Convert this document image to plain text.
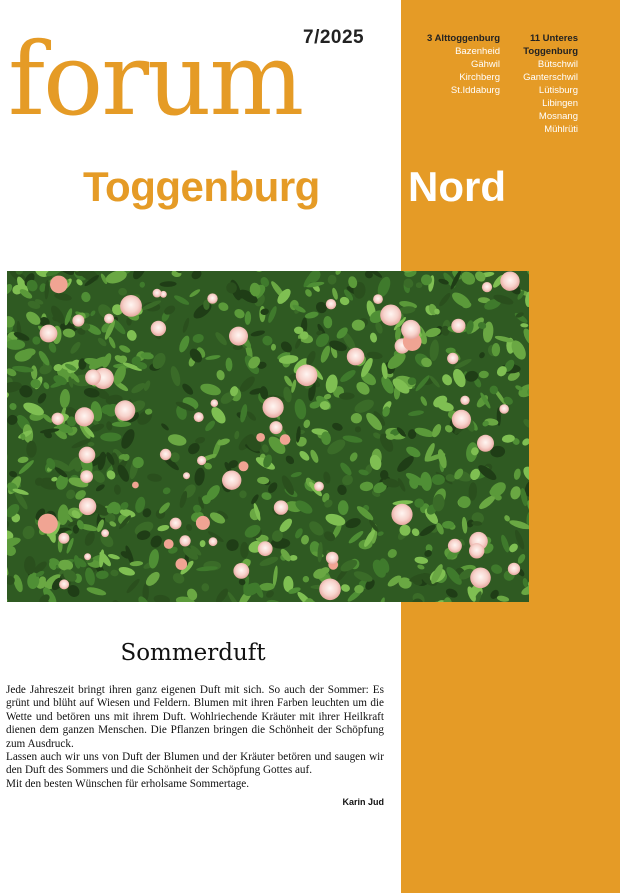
7/2025
forum
Toggenburg Nord
3 Alttoggenburg
Bazenheid
Gähwil
Kirchberg
St.Iddaburg
11 Unteres
Toggenburg
Bütschwil
Ganterschwil
Lütisburg
Libingen
Mosnang
Mühlrüti
Sommerduft

Jede Jahreszeit bringt ihren ganz eigenen Duft mit sich. So auch der Sommer: Es grünt und blüht auf Wiesen und Feldern. Blumen mit ihren Farben leuchten um die Wette und betören uns mit ihrem Duft. Wohlriechende Kräuter mit ihrer Heilkraft dienen dem ganzen Menschen. Die Pflanzen bringen die Schönheit der Schöpfung zum Ausdruck.

Lassen auch wir uns von Duft der Blumen und der Kräuter betören und saugen wir den Duft des Sommers und die Schönheit der Schöpfung Gottes auf.

Mit den besten Wünschen für erholsame Sommertage.

Karin Jud
